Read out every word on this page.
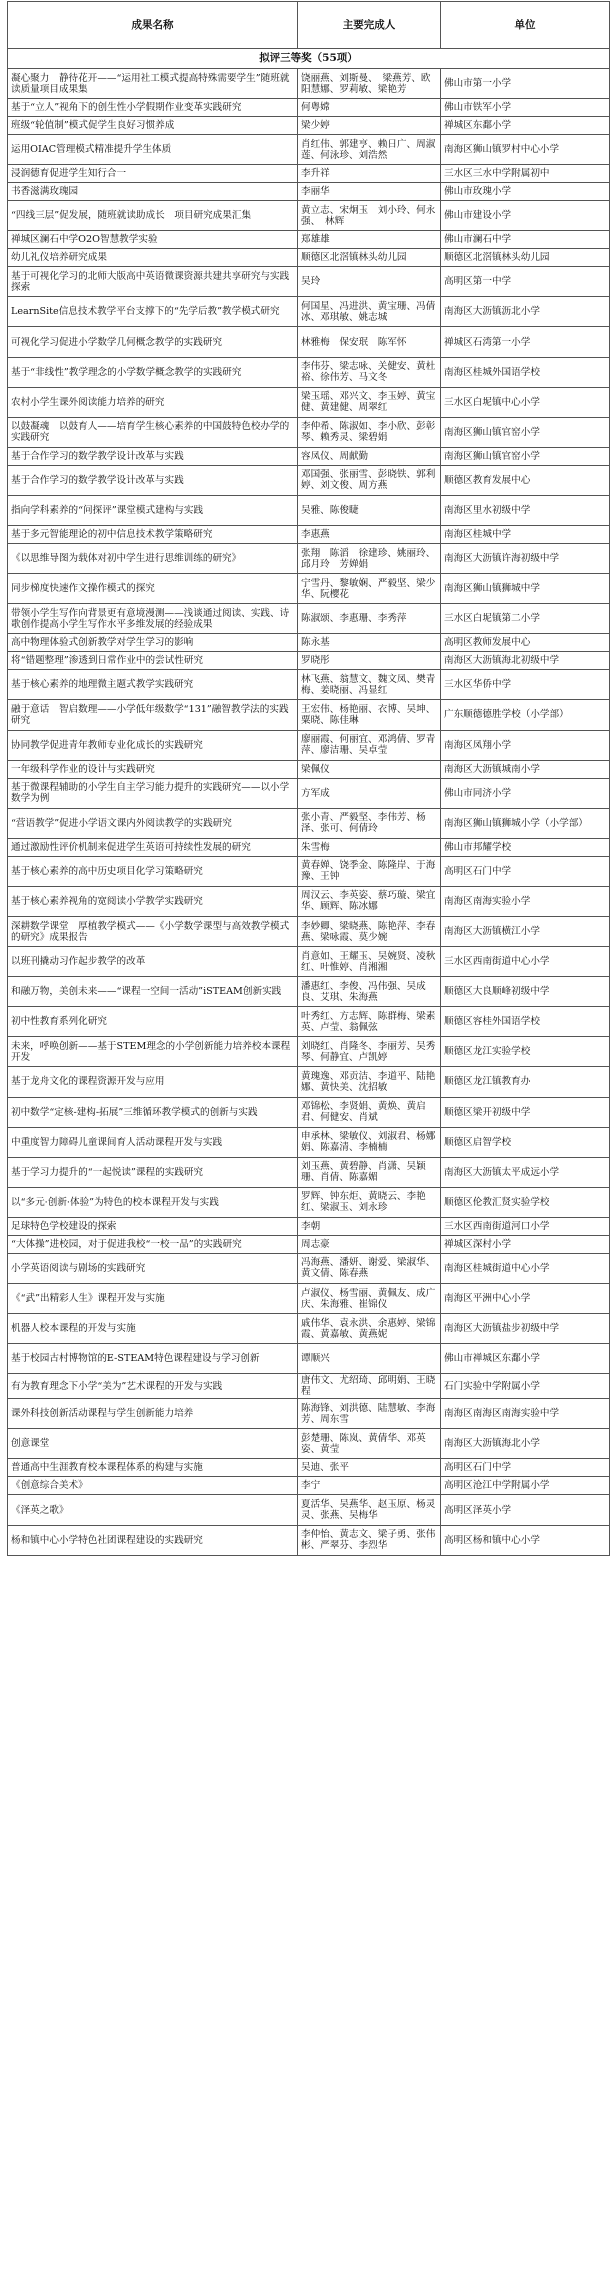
成果名称	主要完成人	单位
拟评三等奖（55项）		
凝心聚力　静待花开——“运用社工模式提高特殊需要学生”随班就读质量项目成果集	饶丽燕、刘斯曼、　梁燕芳、欧阳慧娜、罗莉敏、梁艳芳	佛山市第一小学
基于“立人”视角下的创生性小学假期作业变革实践研究	何粤嫦	佛山市铁军小学
班级“轮值制”模式促学生良好习惯养成	梁少婷	禅城区东鄱小学
运用OIAC管理模式精准提升学生体质	肖红伟、郭建亨、赖日广、周淑莲、何泳珍、刘浩然	南海区狮山镇罗村中心小学
浸润德育促进学生知行合一	李升祥	三水区三水中学附属初中
书香滋满玫瑰园	李丽华	佛山市玫瑰小学
“四线三层”促发展，随班就读助成长　项目研究成果汇集	黄立志、宋炯玉　刘小玲、何永强、　林辉	佛山市建设小学
禅城区澜石中学O2O智慧教学实验	郑雄雄	佛山市澜石中学
幼儿礼仪培养研究成果	顺德区北滘镇林头幼儿园	顺德区北滘镇林头幼儿园
基于可视化学习的北师大版高中英语微课资源共建共享研究与实践探索	吴玲	高明区第一中学
LearnSite信息技术教学平台支撑下的“先学后教”教学模式研究	何国星、冯进洪、黄宝珊、冯倩冰、邓琪敏、姚志城	南海区大沥镇沥北小学
可视化学习促进小学数学几何概念教学的实践研究	林雅梅　保安珉　陈军怀	禅城区石湾第一小学
基于“非线性”教学理念的小学数学概念教学的实践研究	李伟芬、梁志咏、关健安、黄杜裕、徐伟芳、马文冬	南海区桂城外国语学校
农村小学生课外阅读能力培养的研究	梁玉瑶、邓兴文、李玉婷、黄宝健、黄建健、周翠红	三水区白坭镇中心小学
以鼓凝魂　以鼓育人——培育学生核心素养的中国鼓特色校办学的实践研究	李仲希、陈淑如、李小欣、彭彰琴、赖秀灵、梁碧娟	南海区狮山镇官窑小学
基于合作学习的数学教学设计改革与实践	容凤仪、周献勤	南海区狮山镇官窑小学
基于合作学习的数学教学设计改革与实践	邓国强、张丽雪、彭晓铁、郭利婷、刘文俊、周方燕	顺德区教育发展中心
指向学科素养的“问探评”课堂模式建构与实践	吴雅、陈俊睫	南海区里水初级中学
基于多元智能理论的初中信息技术教学策略研究	李惠燕	南海区桂城中学
《以思维导图为载体对初中学生进行思维训练的研究》	张翔　陈滔　徐建珍、姚丽玲、邱月玲　芳婵娟	南海区大沥镇许海初级中学
同步梯度快速作文操作模式的探究	宁雪丹、黎敏娴、严毅坚、梁少华、阮樱花	南海区狮山镇狮城中学
带领小学生写作向背景更有意境漫测——浅谈通过阅读、实践、诗歌创作提高小学生写作水平多维发展的经验成果	陈淑颂、李惠珊、李秀萍	三水区白坭镇第二小学
高中物理体验式创新教学对学生学习的影响	陈永基	高明区教师发展中心
将“错题整理”渗透到日常作业中的尝试性研究	罗晓彤	南海区大沥镇海北初级中学
基于核心素养的地理微主题式教学实践研究	林飞燕、翁慧文、魏文凤、樊青梅、姜晓丽、冯显红	三水区华侨中学
融于意话　智启数理——小学低年级数学“131”融智教学法的实践研究	王宏伟、杨艳丽、衣博、吴坤、粟晓、陈佳琳	广东顺德德胜学校（小学部）
协同教学促进青年教师专业化成长的实践研究	廖丽霞、何丽宜、邓鸿倩、罗青萍、廖洁珊、吴卓莹	南海区凤翔小学
一年级科学作业的设计与实践研究	梁佩仪	南海区大沥镇城南小学
基于微课程辅助的小学生自主学习能力提升的实践研究——以小学数学为例	方军成	佛山市同济小学
“营语教学”促进小学语文课内外阅读教学的实践研究	张小青、严毅坚、李伟芳、杨泽、张可、何倩玲	南海区狮山镇狮城小学（小学部）
通过激励性评价机制来促进学生英语可持续性发展的研究	朱雪梅	佛山市邦耀学校
基于核心素养的高中历史项目化学习策略研究	黄春婵、饶季金、陈隆岸、于海豫、王钟	高明区石门中学
基于核心素养视角的宽阅读小学教学实践研究	周汉云、李英姿、蔡巧璇、梁宜华、顾辉、陈冰娜	南海区南海实验小学
深耕数学课堂　厚植教学模式——《小学数学课型与高效教学模式的研究》成果报告	李妙卿、梁晓燕、陈艳萍、李春燕、梁咏霞、莫少婉	南海区大沥镇横江小学
以班刊撬动习作起步教学的改革	肖意如、王耀玉、吴婉贤、凌秋红、叶惟婷、肖湘湘	三水区西南街道中心小学
和融万物，美创未来——“课程一空间一活动”iSTEAM创新实践	潘惠红、李俊、冯伟强、吴成良、艾琪、朱海燕	顺德区大良顺峰初级中学
初中性教育系列化研究	叶秀红、方志辉、陈群梅、梁素英、卢莹、翁佩弦	顺德区容桂外国语学校
未来，呼唤创新——基于STEM理念的小学创新能力培养校本课程开发	刘晓红、肖隆冬、李丽芳、吴秀琴、何静宜、卢凯婷	顺德区龙江实验学校
基于龙舟文化的课程资源开发与应用	黄瑰逸、邓贡洁、李道平、陆艳娜、黄快美、沈招敏	顺德区龙江镇教育办
初中数学“定核-建构-拓展”三维循环教学模式的创新与实践	邓锦松、李贤娟、黄焕、黄启君、何健安、肖斌	顺德区梁开初级中学
中重度智力障碍儿童课间育人活动课程开发与实践	申承林、梁敏仪、刘淑君、杨娜娟、陈嘉清、李楠楠	顺德区启智学校
基于学习力提升的“一起悦读”课程的实践研究	刘玉燕、黄碧静、肖潇、吴颖珊、肖倩、陈嘉媚	南海区大沥镇太平成远小学
以“多元·创新·体验”为特色的校本课程开发与实践	罗辉、钟东炬、黄晓云、李艳红、梁淑玉、刘永珍	顺德区伦教汇贤实验学校
足球特色学校建设的探索	李朝	三水区西南街道河口小学
“大体操”进校园，对于促进我校“一校一品”的实践研究	周志豪	禅城区深村小学
小学英语阅读与剧场的实践研究	冯海燕、潘妍、谢爱、梁淑华、黄文倩、陈春燕	南海区桂城街道中心小学
《“武”出精彩人生》课程开发与实施	卢淑仪、杨雪丽、黄佩友、成广庆、朱海雅、崔锦仪	南海区平洲中心小学
机器人校本课程的开发与实施	戚伟华、袁永洪、余惠婷、梁锦霞、黄嘉敏、黄燕妮	南海区大沥镇盐步初级中学
基于校园古村博物馆的E-STEAM特色课程建设与学习创新	谭顺兴	佛山市禅城区东鄱小学
有为教育理念下小学“美为”艺术课程的开发与实践	唐伟文、尤绍琦、邱明娟、王晓程	石门实验中学附属小学
课外科技创新活动课程与学生创新能力培养	陈海锋、刘洪德、陆慧敏、李海芳、周东雪	南海区南海区南海实验中学
创意课堂	彭楚珊、陈岚、黄倩华、邓英姿、黄莹	南海区大沥镇海北小学
普通高中生涯教育校本课程体系的构建与实施	吴迪、张平	高明区石门中学
《创意综合美术》	李宁	高明区沧江中学附属小学
《泽英之歌》	夏活华、吴燕华、赵玉原、杨灵灵、张燕、吴梅华	高明区泽英小学
杨和镇中心小学特色社团课程建设的实践研究	李仲怡、黄志文、梁子勇、张伟彬、严翠芬、李烈华	高明区杨和镇中心小学
